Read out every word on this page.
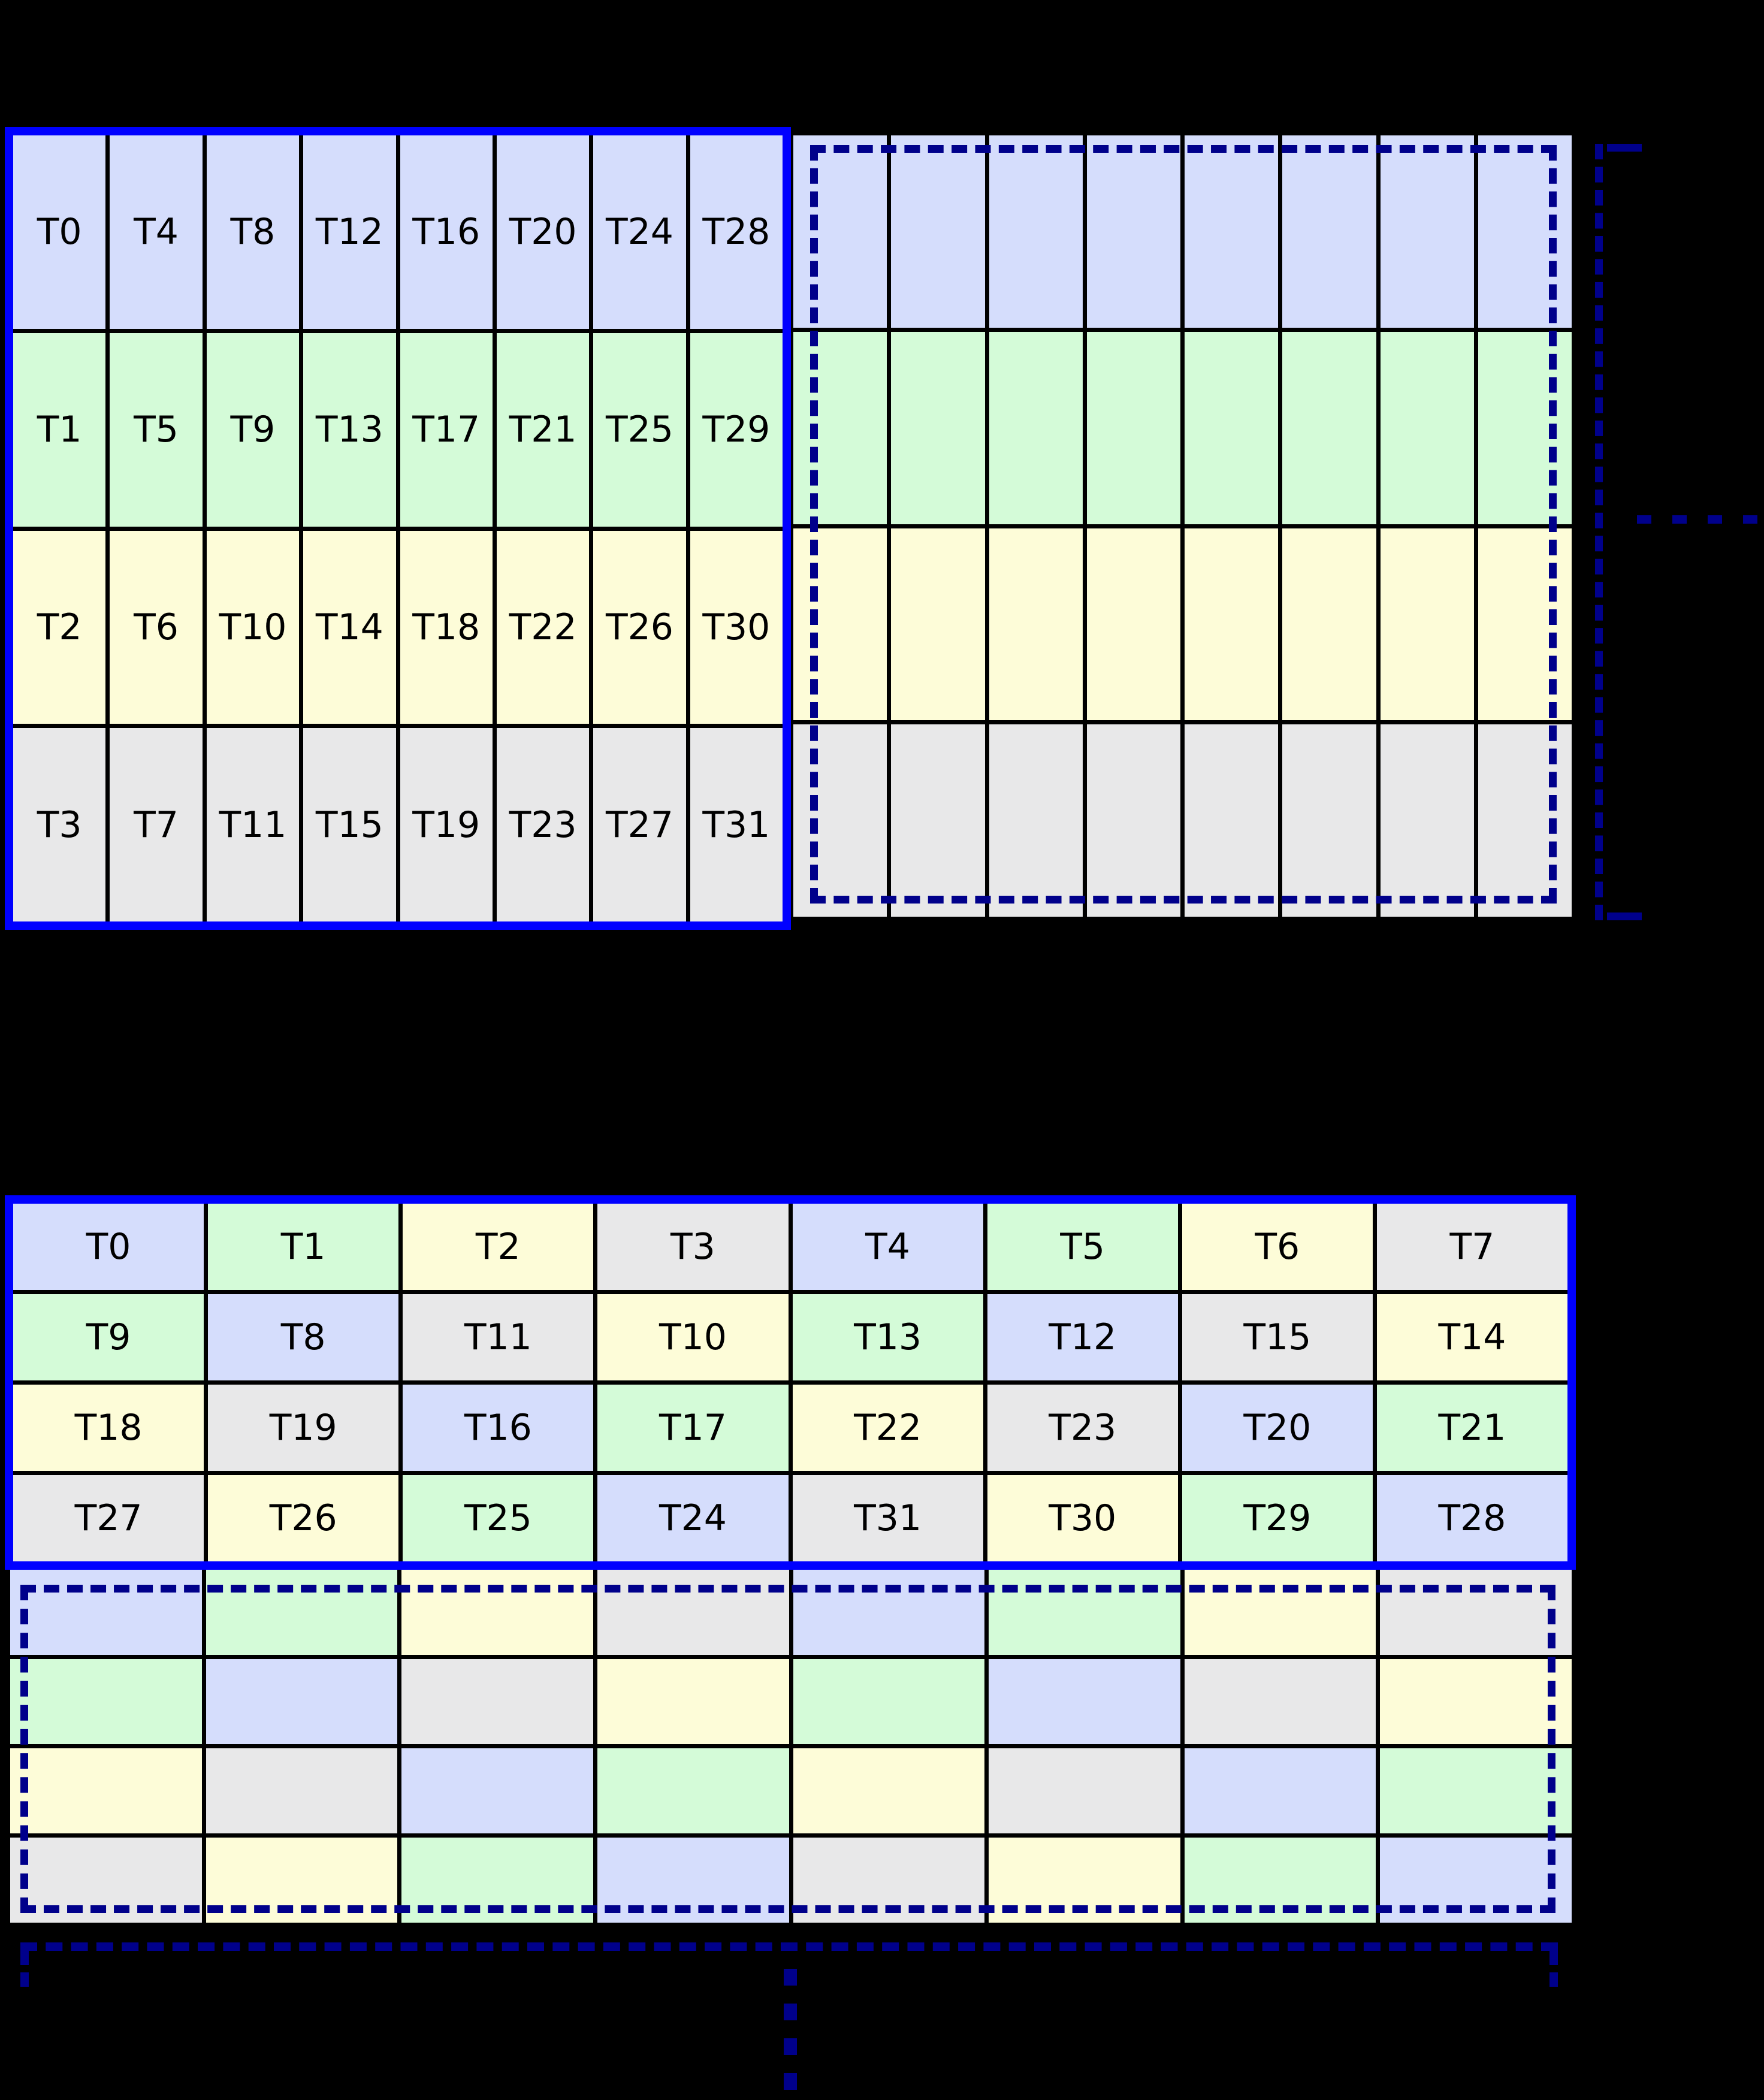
T0	T4	T8	T12 T16 T20 T24 T28
T1	T5	T9	T13 T17 T21 T25 T29
T2	T6	T10 T14 T18 T22 T26 T30
T3	T7	T11 T15 T19 T23 T27 T31
T0	T1	T2	T3	T4	T5	T6	T7
T9	T8	T11	T10	T13	T12	T15	T14
T18	T19	T16	T17	T22	T23	T20	T21
T27	T26	T25	T24	T31	T30	T29	T28
